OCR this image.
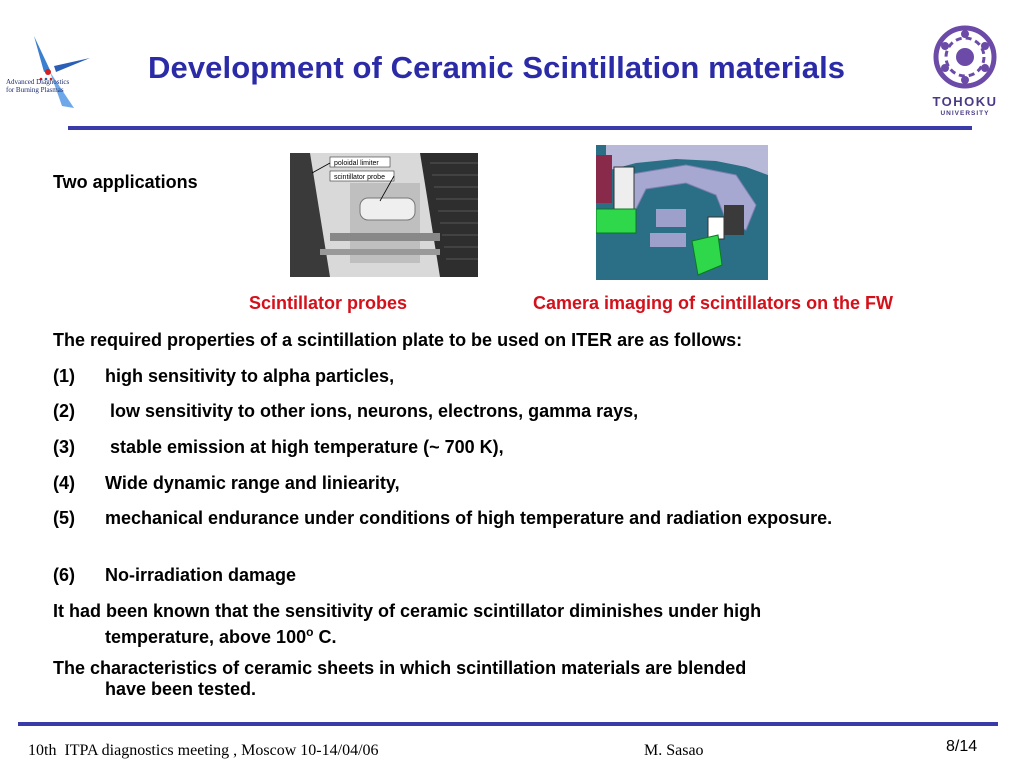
Advanced Diagnostics
for Burning Plasmas
Development of Ceramic Scintillation materials
TOHOKU
UNIVERSITY
Two applications
poloidal limiter
scintillator probe
Scintillator probes	Camera imaging of scintillators on the FW
The required properties of a scintillation plate to be used on ITER are as follows:
(1) high sensitivity to alpha particles,
(2) low sensitivity to other ions, neurons, electrons, gamma rays,
(3) stable emission at high temperature (~ 700 K),
(4) Wide dynamic range and liniearity,
(5) mechanical endurance under conditions of high temperature and radiation exposure.
(6) No-irradiation damage
It had been known that the sensitivity of ceramic scintillator diminishes under high
temperature, above 100$^o$ C.
The characteristics of ceramic sheets in which scintillation materials are blended
have been tested.
10th  ITPA diagnostics meeting , Moscow 10-14/04/06	M. Sasao	8/14
